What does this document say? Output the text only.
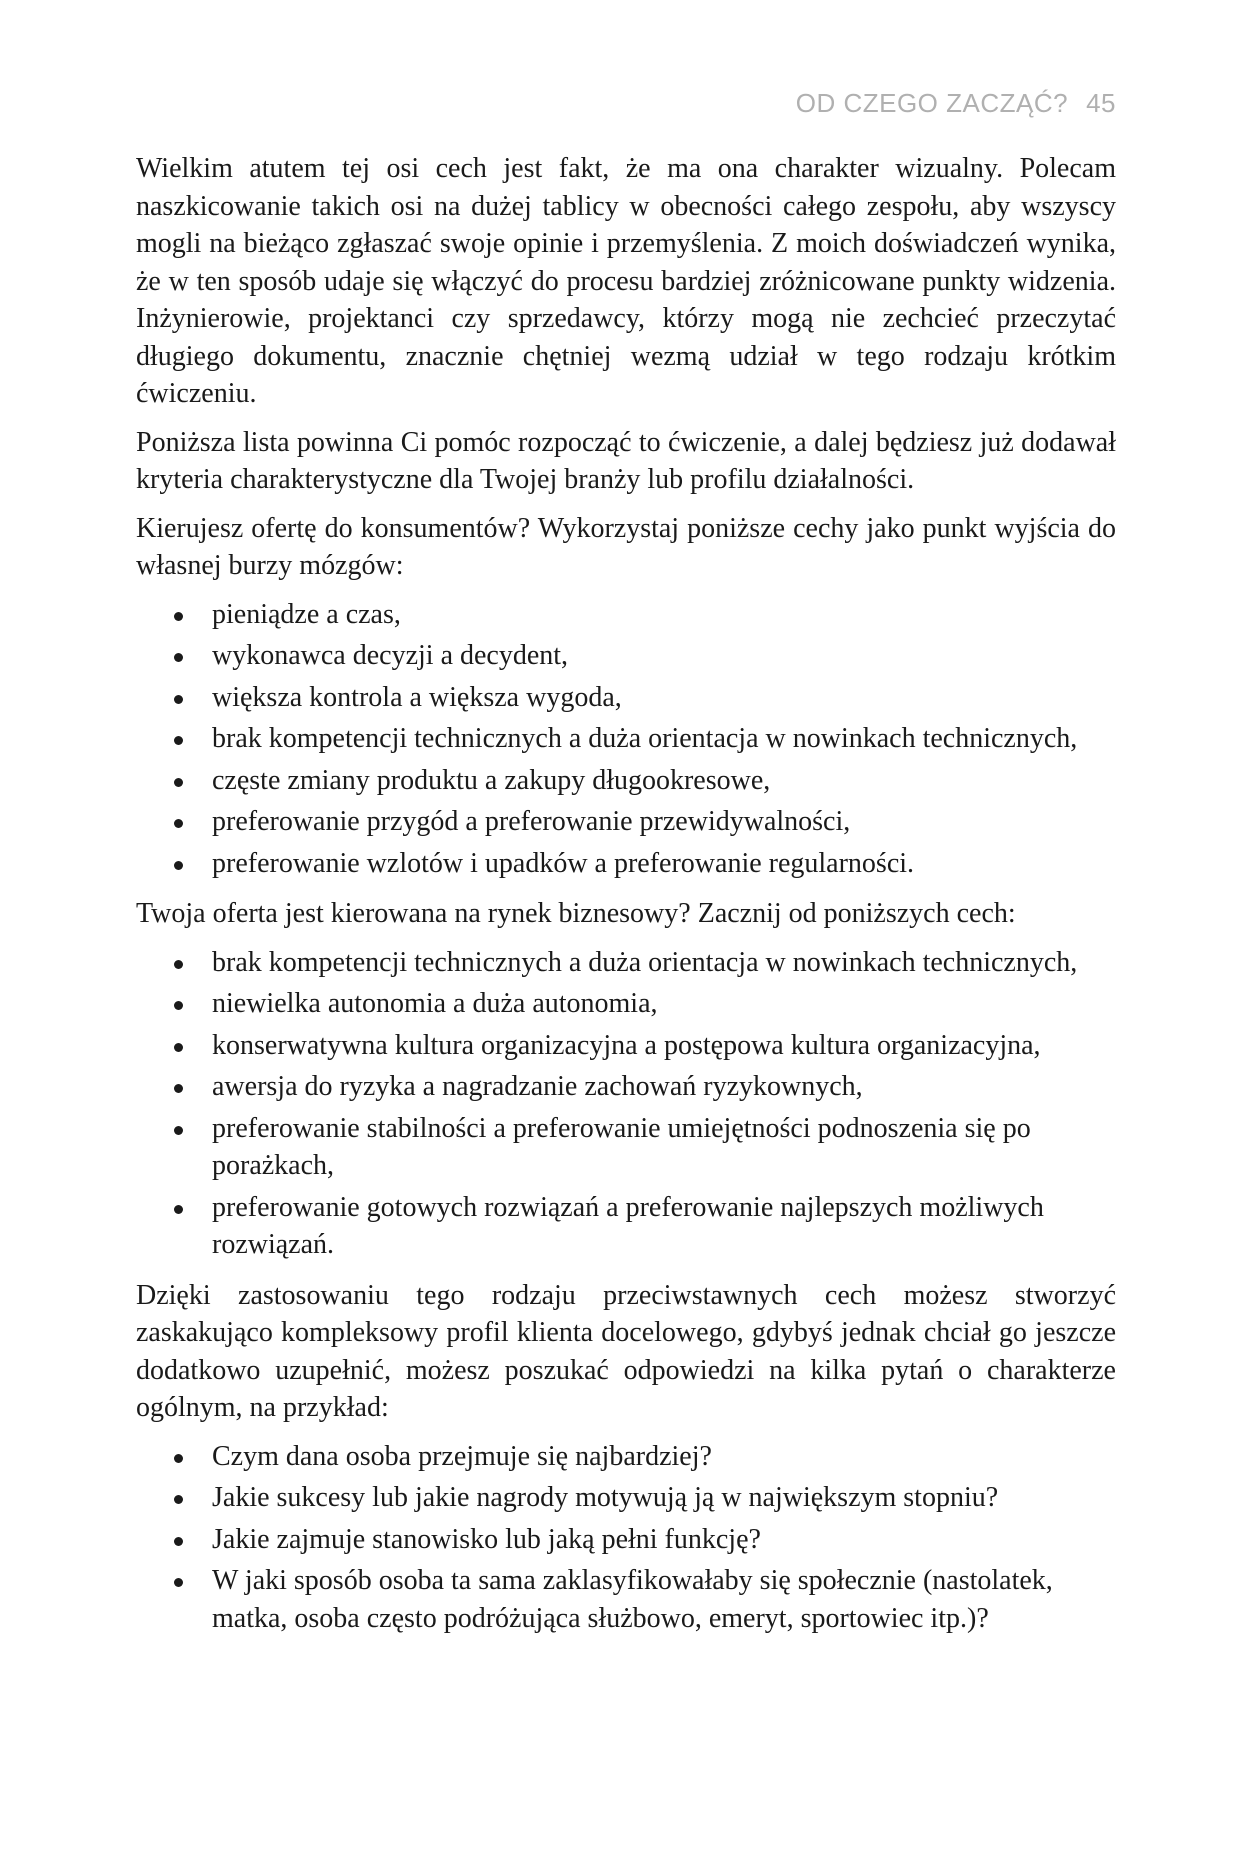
OD CZEGO ZACZĄĆ? 45

Wielkim atutem tej osi cech jest fakt, że ma ona charakter wizualny. Polecam naszkicowanie takich osi na dużej tablicy w obecności całego zespołu, aby wszyscy mogli na bieżąco zgłaszać swoje opinie i przemyślenia. Z moich doświadczeń wynika, że w ten sposób udaje się włączyć do procesu bardziej zróżnicowane punkty widzenia. Inżynierowie, projektanci czy sprzedawcy, którzy mogą nie zechcieć przeczytać długiego dokumentu, znacznie chętniej wezmą udział w tego rodzaju krótkim ćwiczeniu.

Poniższa lista powinna Ci pomóc rozpocząć to ćwiczenie, a dalej będziesz już dodawał kryteria charakterystyczne dla Twojej branży lub profilu działalności.

Kierujesz ofertę do konsumentów? Wykorzystaj poniższe cechy jako punkt wyjścia do własnej burzy mózgów:

pieniądze a czas,
wykonawca decyzji a decydent,
większa kontrola a większa wygoda,
brak kompetencji technicznych a duża orientacja w nowinkach technicznych,
częste zmiany produktu a zakupy długookresowe,
preferowanie przygód a preferowanie przewidywalności,
preferowanie wzlotów i upadków a preferowanie regularności.

Twoja oferta jest kierowana na rynek biznesowy? Zacznij od poniższych cech:

brak kompetencji technicznych a duża orientacja w nowinkach technicznych,
niewielka autonomia a duża autonomia,
konserwatywna kultura organizacyjna a postępowa kultura organizacyjna,
awersja do ryzyka a nagradzanie zachowań ryzykownych,
preferowanie stabilności a preferowanie umiejętności podnoszenia się po porażkach,
preferowanie gotowych rozwiązań a preferowanie najlepszych możliwych rozwiązań.

Dzięki zastosowaniu tego rodzaju przeciwstawnych cech możesz stworzyć zaskakująco kompleksowy profil klienta docelowego, gdybyś jednak chciał go jeszcze dodatkowo uzupełnić, możesz poszukać odpowiedzi na kilka pytań o charakterze ogólnym, na przykład:

Czym dana osoba przejmuje się najbardziej?
Jakie sukcesy lub jakie nagrody motywują ją w największym stopniu?
Jakie zajmuje stanowisko lub jaką pełni funkcję?
W jaki sposób osoba ta sama zaklasyfikowałaby się społecznie (nastolatek, matka, osoba często podróżująca służbowo, emeryt, sportowiec itp.)?
